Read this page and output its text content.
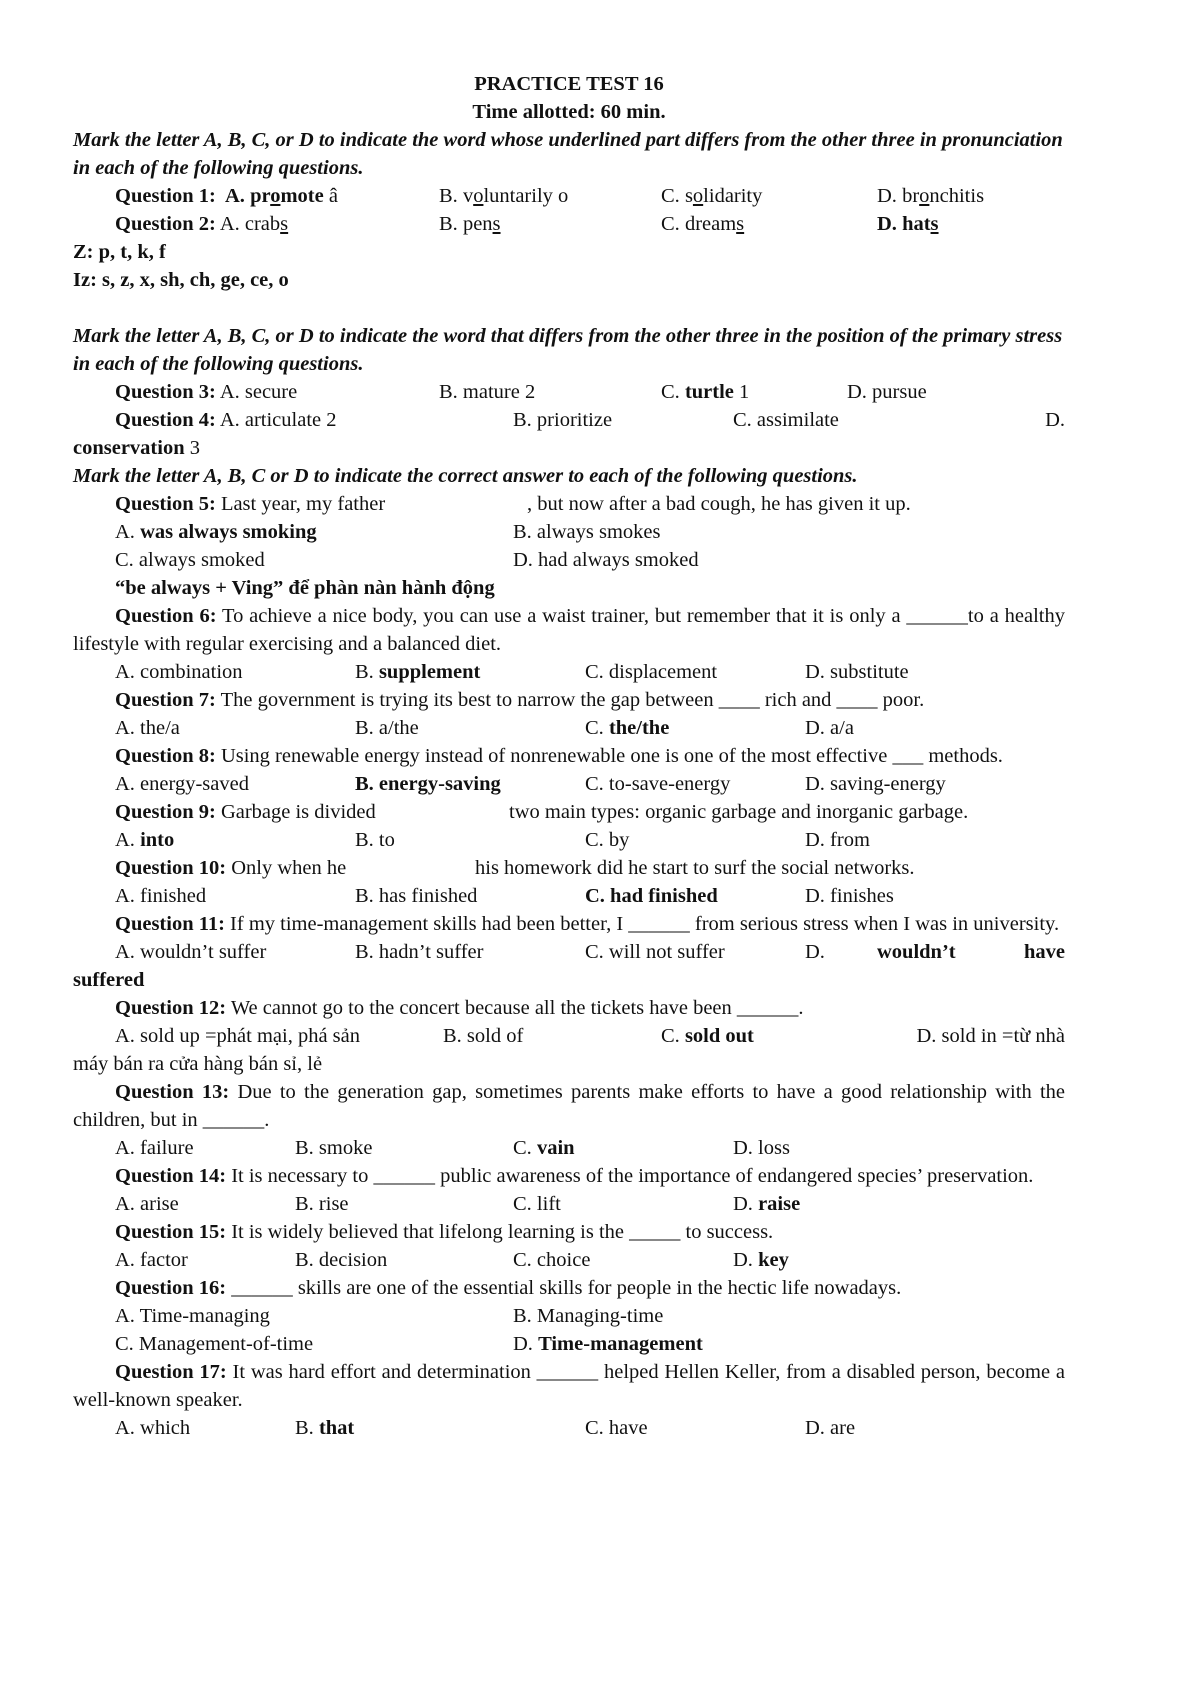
PRACTICE TEST 16
Time allotted: 60 min.
Mark the letter A, B, C, or D to indicate the word whose underlined part differs from the other three in pronunciation in each of the following questions.
Question 1: A. promote â	B. voluntarily o	C. solidarity	D. bronchitis
Question 2: A. crabs	B. pens	C. dreams	D. hats
Z: p, t, k, f
Iz: s, z, x, sh, ch, ge, ce, o
Mark the letter A, B, C, or D to indicate the word that differs from the other three in the position of the primary stress in each of the following questions.
Question 3: A. secure	B. mature 2	C. turtle 1	D. pursue
Question 4: A. articulate 2	B. prioritize	C. assimilate	D.
conservation 3
Mark the letter A, B, C or D to indicate the correct answer to each of the following questions.
Question 5: Last year, my father	, but now after a bad cough, he has given it up.
A. was always smoking	B. always smokes
C. always smoked	D. had always smoked
“be always + Ving” để phàn nàn hành động
Question 6: To achieve a nice body, you can use a waist trainer, but remember that it is only a ______to a healthy lifestyle with regular exercising and a balanced diet.
A. combination	B. supplement	C. displacement	D. substitute
Question 7: The government is trying its best to narrow the gap between ____ rich and ____ poor.
A. the/a	B. a/the	C. the/the	D. a/a
Question 8: Using renewable energy instead of nonrenewable one is one of the most effective ___ methods.
A. energy-saved	B. energy-saving	C. to-save-energy	D. saving-energy
Question 9: Garbage is divided	two main types: organic garbage and inorganic garbage.
A. into	B. to	C. by	D. from
Question 10: Only when he	his homework did he start to surf the social networks.
A. finished	B. has finished	C. had finished	D. finishes
Question 11: If my time-management skills had been better, I ______ from serious stress when I was in university.
A. wouldn’t suffer	B. hadn’t suffer	C. will not suffer	D.	wouldn’t	have
suffered
Question 12: We cannot go to the concert because all the tickets have been ______.
A. sold up =phát mại, phá sản	B. sold of	C. sold out	D. sold in =từ nhà
máy bán ra cửa hàng bán sỉ, lẻ
Question 13: Due to the generation gap, sometimes parents make efforts to have a good relationship with the children, but in ______.
A. failure	B. smoke	C. vain	D. loss
Question 14: It is necessary to ______ public awareness of the importance of endangered species’ preservation.
A. arise	B. rise	C. lift	D. raise
Question 15: It is widely believed that lifelong learning is the _____ to success.
A. factor	B. decision	C. choice	D. key
Question 16: ______ skills are one of the essential skills for people in the hectic life nowadays.
A. Time-managing	B. Managing-time
C. Management-of-time	D. Time-management
Question 17: It was hard effort and determination ______ helped Hellen Keller, from a disabled person, become a well-known speaker.
A. which	B. that	C. have	D. are
